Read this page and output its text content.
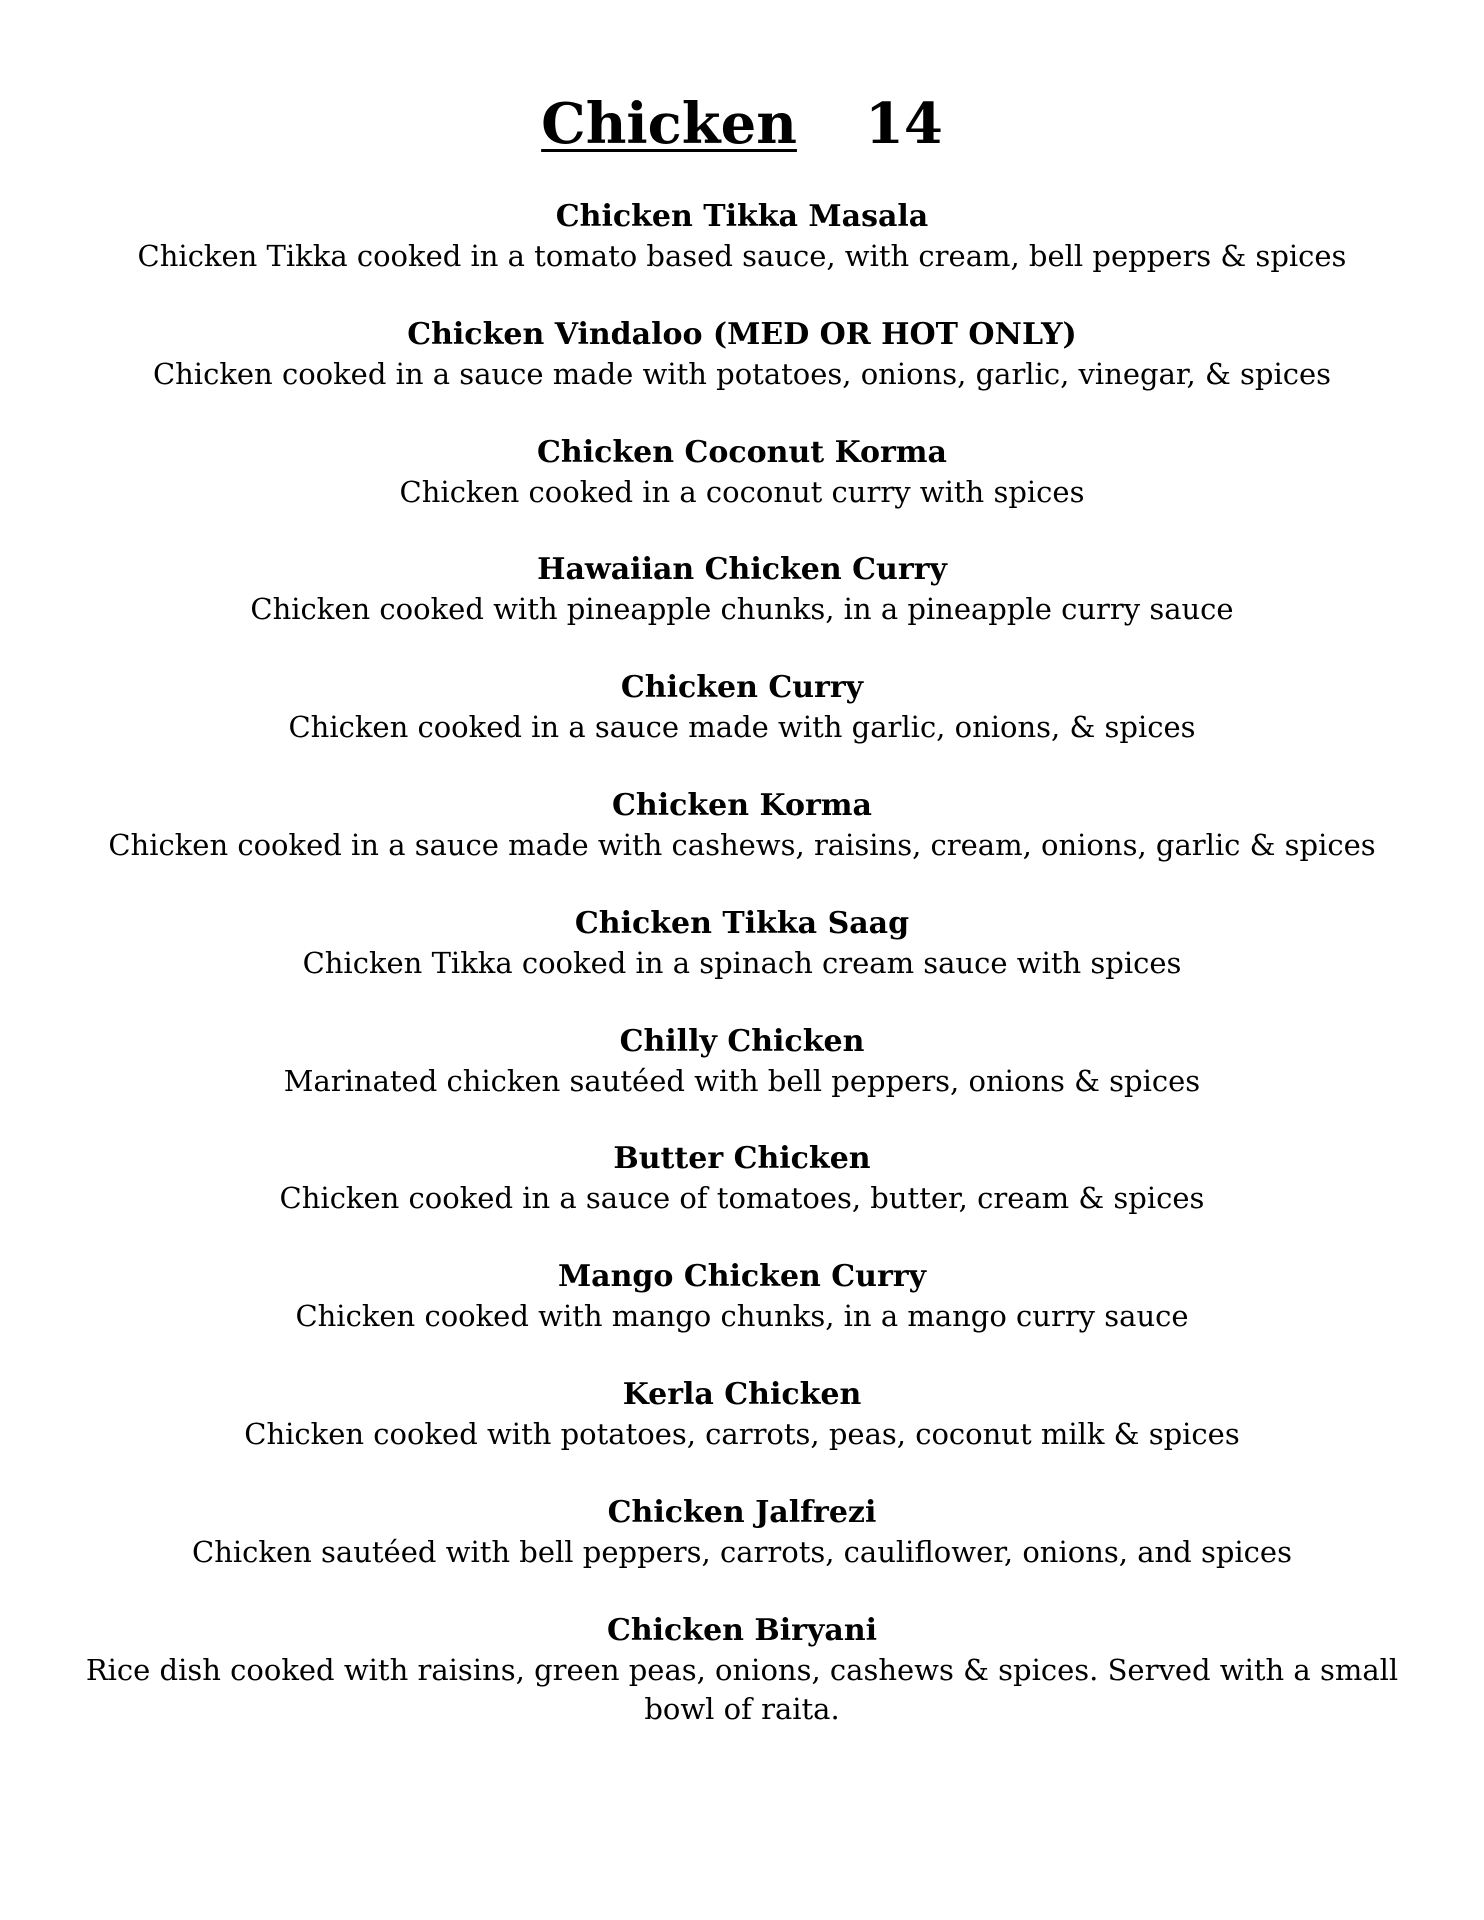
Chicken 14
Chicken Tikka Masala
Chicken Tikka cooked in a tomato based sauce, with cream, bell peppers & spices
Chicken Vindaloo (MED OR HOT ONLY)
Chicken cooked in a sauce made with potatoes, onions, garlic, vinegar, & spices
Chicken Coconut Korma
Chicken cooked in a coconut curry with spices
Hawaiian Chicken Curry
Chicken cooked with pineapple chunks, in a pineapple curry sauce
Chicken Curry
Chicken cooked in a sauce made with garlic, onions, & spices
Chicken Korma
Chicken cooked in a sauce made with cashews, raisins, cream, onions, garlic & spices
Chicken Tikka Saag
Chicken Tikka cooked in a spinach cream sauce with spices
Chilly Chicken
Marinated chicken sautéed with bell peppers, onions & spices
Butter Chicken
Chicken cooked in a sauce of tomatoes, butter, cream & spices
Mango Chicken Curry
Chicken cooked with mango chunks, in a mango curry sauce
Kerla Chicken
Chicken cooked with potatoes, carrots, peas, coconut milk & spices
Chicken Jalfrezi
Chicken sautéed with bell peppers, carrots, cauliflower, onions, and spices
Chicken Biryani
Rice dish cooked with raisins, green peas, onions, cashews & spices. Served with a small bowl of raita.
